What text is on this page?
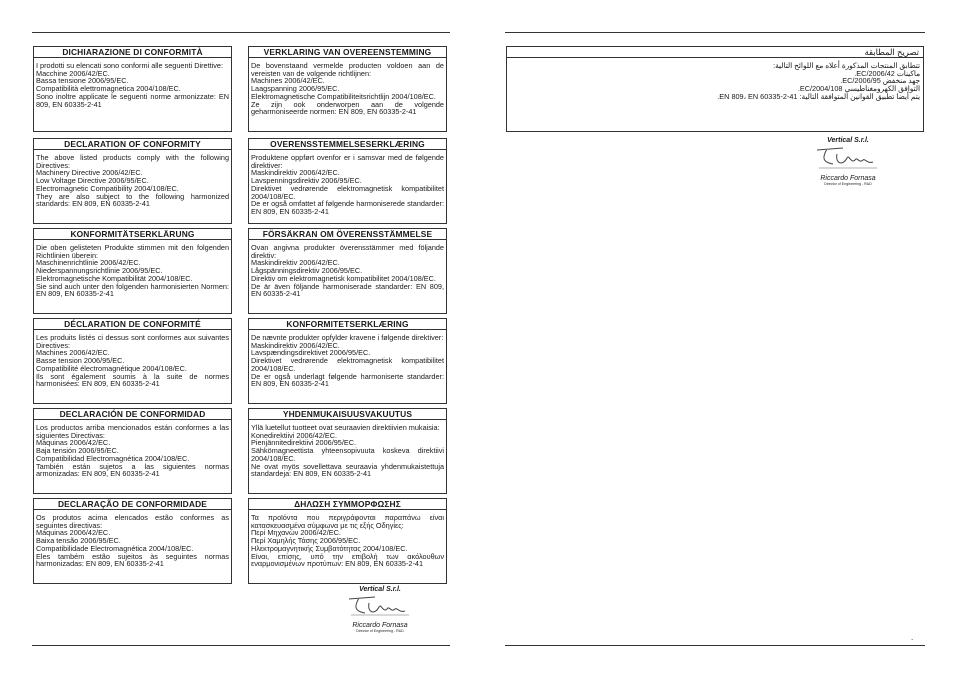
DICHIARAZIONE DI CONFORMITÀ
I prodotti su elencati sono conformi alle seguenti Direttive:
Macchine 2006/42/EC.
Bassa tensione 2006/95/EC.
Compatibilità elettromagnetica 2004/108/EC.
Sono inoltre applicate le seguenti norme armonizzate: EN 809, EN 60335-2-41
DECLARATION OF CONFORMITY
The above listed products comply with the following Directives:
Machinery Directive 2006/42/EC.
Low Voltage Directive 2006/95/EC.
Electromagnetic Compatibility 2004/108/EC.
They are also subject to the following harmonized standards: EN 809, EN 60335-2-41
KONFORMITÄTSERKLÄRUNG
Die oben gelisteten Produkte stimmen mit den folgenden Richtlinien überein:
Maschinenrichtlinie 2006/42/EC.
Niederspannungsrichtlinie 2006/95/EC.
Elektromagnetische Kompatibilität 2004/108/EC.
Sie sind auch unter den folgenden harmonisierten Normen: EN 809, EN 60335-2-41
DÉCLARATION DE CONFORMITÉ
Les produits listés ci dessus sont conformes aux suivantes Directives:
Machines 2006/42/EC.
Basse tension 2006/95/EC.
Compatibilité électromagnétique 2004/108/EC.
Ils sont également soumis à la suite de normes harmonisées: EN 809, EN 60335-2-41
DECLARACIÓN DE CONFORMIDAD
Los productos arriba mencionados están conformes a las siguientes Directivas:
Máquinas 2006/42/EC.
Baja tensión 2006/95/EC.
Compatibilidad Electromagnética 2004/108/EC.
También están sujetos a las siguientes normas armonizadas: EN 809, EN 60335-2-41
DECLARAÇÃO DE CONFORMIDADE
Os produtos acima elencados estão conformes as seguintes directivas:
Máquinas 2006/42/EC.
Baixa tensão 2006/95/EC.
Compatibilidade Electromagnética 2004/108/EC.
Eles também estão sujeitos às seguintes normas harmonizadas: EN 809, EN 60335-2-41
VERKLARING VAN OVEREENSTEMMING
De bovenstaand vermelde producten voldoen aan de vereisten van de volgende richtlijnen:
Machines 2006/42/EC.
Laagspanning 2006/95/EC.
Elektromagnetische Compatibiliteitsrichtlijn 2004/108/EC.
Ze zijn ook onderworpen aan de volgende geharmoniseerde normen: EN 809, EN 60335-2-41
OVERENSSTEMMELSESERKLÆRING
Produktene oppført ovenfor er i samsvar med de følgende direktiver:
Maskindirektiv 2006/42/EC.
Lavspenningsdirektiv 2006/95/EC.
Direktivet vedrørende elektromagnetisk kompatibilitet 2004/108/EC.
De er også omfattet af følgende harmoniserede standarder: EN 809, EN 60335-2-41
FÖRSÄKRAN OM ÖVERENSSTÄMMELSE
Ovan angivna produkter överensstämmer med följande direktiv:
Maskindirektiv 2006/42/EC.
Lågspänningsdirektiv 2006/95/EC.
Direktiv om elektromagnetisk kompatibilitet 2004/108/EC.
De är även följande harmoniserade standarder: EN 809, EN 60335-2-41
KONFORMITETSERKLÆRING
De nævnte produkter opfylder kravene i følgende direktiver:
Maskindirektiv 2006/42/EC.
Lavspændingsdirektivet 2006/95/EC.
Direktivet vedrørende elektromagnetisk kompatibilitet 2004/108/EC.
De er også underlagt følgende harmoniserte standarder: EN 809, EN 60335-2-41
YHDENMUKAISUUSVAKUUTUS
Yllä luetellut tuotteet ovat seuraavien direktiivien mukaisia:
Konedirektiivi 2006/42/EC.
Pienjännitedirektiivi 2006/95/EC.
Sähkömagneettista yhteensopivuuta koskeva direktiivi 2004/108/EC.
Ne ovat myös sovellettava seuraavia yhdenmukaistettuja standardeja: EN 809, EN 60335-2-41
ΔΗΛΩΣΗ ΣΥΜΜΟΡΦΩΣΗΣ
Τα προϊόντα που περιγράφονται παραπάνω είναι κατασκευασμένα σύμφωνα με τις εξής Οδηγίες:
Περί Μηχανών 2006/42/EC.
Περί Χαμηλής Τάσης 2006/95/EC.
Ηλεκτρομαγνητικής Συμβατότητας 2004/108/EC.
Είναι, επίσης, υπό την επιβολή των ακόλουθων εναρμονισμένων προτύπων: EN 809, EN 60335-2-41
Vertical S.r.l.
Riccardo Fornasa
Director of Engineering - R&D
تصريح المطابقة
تتطابق المنتجات المذكورة أعلاه مع اللوائح التالية:
ماكينات 2006/42/EC.
جهد منخفض 2006/95/EC.
التوافق الكهرومغناطيسي 2004/108/EC.
يتم أيضا تطبيق القوانين المتوافقة التالية: EN 809، EN 60335-2-41.
Vertical S.r.l.
Riccardo Fornasa
Director of Engineering - R&D
.
